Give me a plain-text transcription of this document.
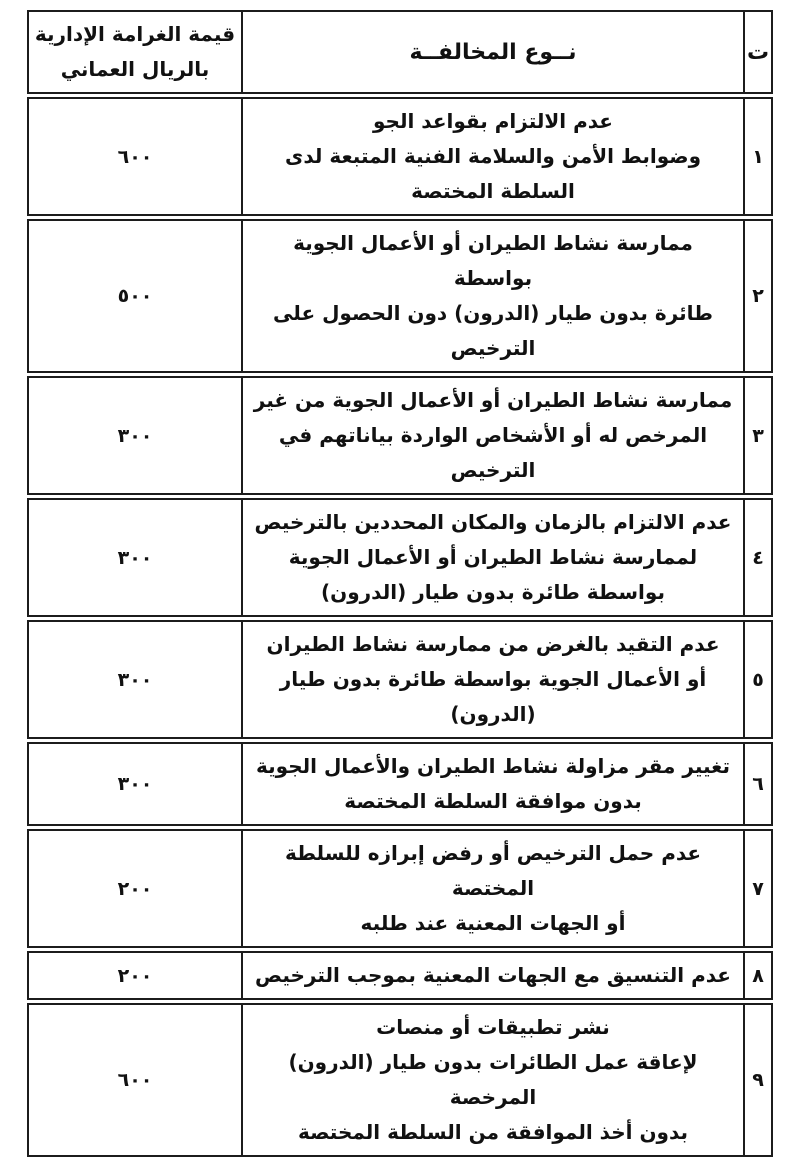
ت
نــوع المخالفــة
قيمة الغرامة الإدارية
بالريال العماني
١
عدم الالتزام بقواعد الجو
وضوابط الأمن والسلامة الفنية المتبعة لدى السلطة المختصة
٦٠٠
٢
ممارسة نشاط الطيران أو الأعمال الجوية بواسطة
طائرة بدون طيار (الدرون) دون الحصول على الترخيص
٥٠٠
٣
ممارسة نشاط الطيران أو الأعمال الجوية من غير
المرخص له أو الأشخاص الواردة بياناتهم في الترخيص
٣٠٠
٤
عدم الالتزام بالزمان والمكان المحددين بالترخيص
لممارسة نشاط الطيران أو الأعمال الجوية
بواسطة طائرة بدون طيار (الدرون)
٣٠٠
٥
عدم التقيد بالغرض من ممارسة نشاط الطيران
أو الأعمال الجوية بواسطة طائرة بدون طيار (الدرون)
٣٠٠
٦
تغيير مقر مزاولة نشاط الطيران والأعمال الجوية
بدون موافقة السلطة المختصة
٣٠٠
٧
عدم حمل الترخيص أو رفض إبرازه للسلطة المختصة
أو الجهات المعنية عند طلبه
٢٠٠
٨
عدم التنسيق مع الجهات المعنية بموجب الترخيص
٢٠٠
٩
نشر تطبيقات أو منصات
لإعاقة عمل الطائرات بدون طيار (الدرون) المرخصة
بدون أخذ الموافقة من السلطة المختصة
٦٠٠
